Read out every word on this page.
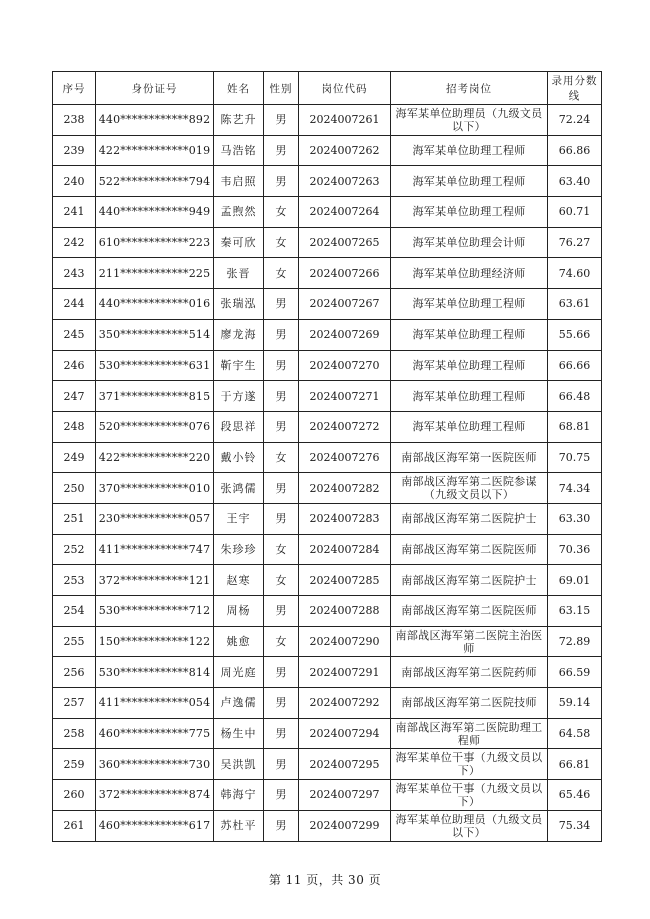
序号	身份证号	姓名	性别	岗位代码	招考岗位	录用分数线
238	440************892	陈艺升	男	2024007261	海军某单位助理员（九级文员以下）	72.24
239	422************019	马浩铭	男	2024007262	海军某单位助理工程师	66.86
240	522************794	韦启照	男	2024007263	海军某单位助理工程师	63.40
241	440************949	孟煦然	女	2024007264	海军某单位助理工程师	60.71
242	610************223	秦可欣	女	2024007265	海军某单位助理会计师	76.27
243	211************225	张晋	女	2024007266	海军某单位助理经济师	74.60
244	440************016	张瑞泓	男	2024007267	海军某单位助理工程师	63.61
245	350************514	廖龙海	男	2024007269	海军某单位助理工程师	55.66
246	530************631	靳宇生	男	2024007270	海军某单位助理工程师	66.66
247	371************815	于方遂	男	2024007271	海军某单位助理工程师	66.48
248	520************076	段思祥	男	2024007272	海军某单位助理工程师	68.81
249	422************220	戴小铃	女	2024007276	南部战区海军第一医院医师	70.75
250	370************010	张鸿儒	男	2024007282	南部战区海军第二医院参谋（九级文员以下）	74.34
251	230************057	王宇	男	2024007283	南部战区海军第二医院护士	63.30
252	411************747	朱珍珍	女	2024007284	南部战区海军第二医院医师	70.36
253	372************121	赵寒	女	2024007285	南部战区海军第二医院护士	69.01
254	530************712	周杨	男	2024007288	南部战区海军第二医院医师	63.15
255	150************122	姚愈	女	2024007290	南部战区海军第二医院主治医师	72.89
256	530************814	周光庭	男	2024007291	南部战区海军第二医院药师	66.59
257	411************054	卢逸儒	男	2024007292	南部战区海军第二医院技师	59.14
258	460************775	杨生中	男	2024007294	南部战区海军第二医院助理工程师	64.58
259	360************730	吴洪凯	男	2024007295	海军某单位干事（九级文员以下）	66.81
260	372************874	韩海宁	男	2024007297	海军某单位干事（九级文员以下）	65.46
261	460************617	苏杜平	男	2024007299	海军某单位助理员（九级文员以下）	75.34
第 11 页，共 30 页
